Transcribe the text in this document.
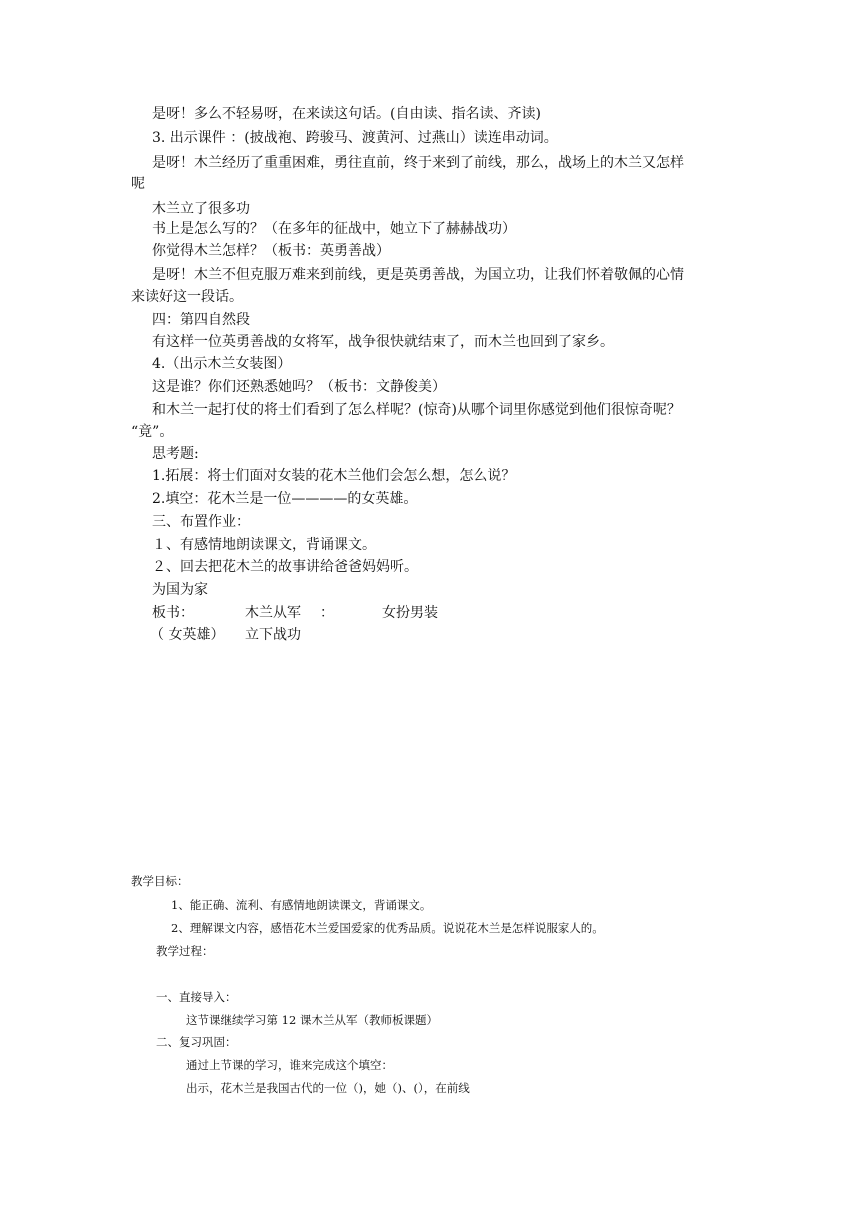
是呀！多么不轻易呀，在来读这句话。(自由读、指名读、齐读)
3. 出示课件 ：(披战袍、跨骏马、渡黄河、过燕山）读连串动词。
是呀！木兰经历了重重困难，勇往直前，终于来到了前线，那么，战场上的木兰又怎样
呢
木兰立了很多功
书上是怎么写的？（在多年的征战中，她立下了赫赫战功）
你觉得木兰怎样？（板书：英勇善战）
是呀！木兰不但克服万难来到前线，更是英勇善战，为国立功，让我们怀着敬佩的心情
来读好这一段话。
四：第四自然段
有这样一位英勇善战的女将军，战争很快就结束了，而木兰也回到了家乡。
4.（出示木兰女装图）
这是谁？你们还熟悉她吗？（板书：文静俊美）
和木兰一起打仗的将士们看到了怎么样呢？(惊奇)从哪个词里你感觉到他们很惊奇呢？
“竟”。
思考题:
1.拓展：将士们面对女装的花木兰他们会怎么想，怎么说？
2.填空：花木兰是一位————的女英雄。
三、布置作业：
１、有感情地朗读课文，背诵课文。
２、回去把花木兰的故事讲给爸爸妈妈听。
为国为家
板书：	木兰从军 ：	女扮男装
（ 女英雄） 立下战功
教学目标：
1、能正确、流利、有感情地朗读课文，背诵课文。
2、理解课文内容，感悟花木兰爱国爱家的优秀品质。说说花木兰是怎样说服家人的。
教学过程：
一、直接导入：
这节课继续学习第 12 课木兰从军（教师板课题）
二、复习巩固：
通过上节课的学习，谁来完成这个填空：
出示，花木兰是我国古代的一位（)，她（)、(），在前线
